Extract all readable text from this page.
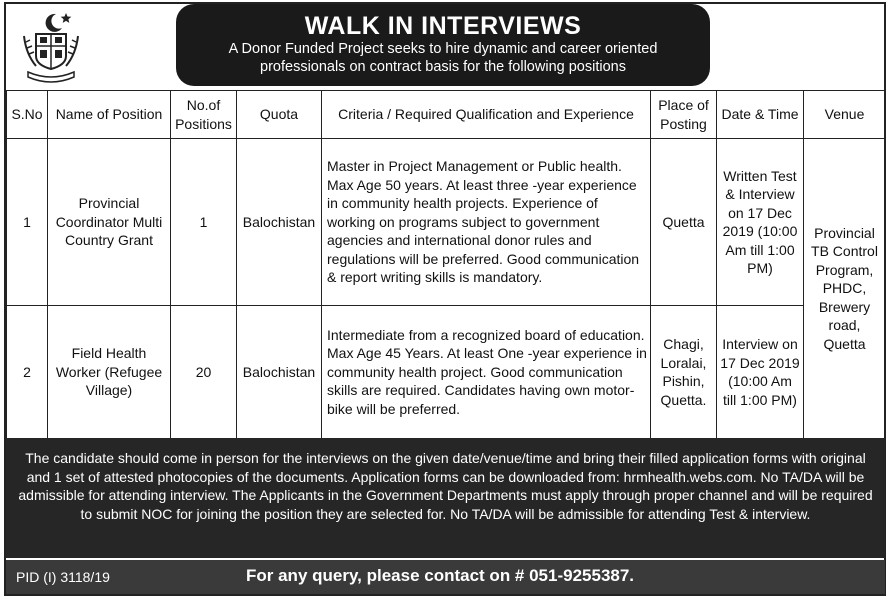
WALK IN INTERVIEWS
A Donor Funded Project seeks to hire dynamic and career oriented
professionals on contract basis for the following positions
S.No	Name of Position	No.of Positions	Quota	Criteria / Required Qualification and Experience	Place of Posting	Date & Time	Venue
1	Provincial Coordinator Multi Country Grant	1	Balochistan	Master in Project Management or Public health. Max Age 50 years. At least three -year experience in community health projects. Experience of working on programs subject to government agencies and international donor rules and regulations will be preferred. Good communication & report writing skills is mandatory.	Quetta	Written Test & Interview on 17 Dec 2019 (10:00 Am till 1:00 PM)	Provincial TB Control Program, PHDC, Brewery road, Quetta
2	Field Health Worker (Refugee Village)	20	Balochistan	Intermediate from a recognized board of education. Max Age 45 Years. At least One -year experience in community health project. Good communication skills are required. Candidates having own motor-bike will be preferred.	Chagi, Loralai, Pishin, Quetta.	Interview on 17 Dec 2019 (10:00 Am till 1:00 PM)	
The candidate should come in person for the interviews on the given date/venue/time and bring their filled application forms with original and 1 set of attested photocopies of the documents. Application forms can be downloaded from: hrmhealth.webs.com. No TA/DA will be admissible for attending interview. The Applicants in the Government Departments must apply through proper channel and will be required to submit NOC for joining the position they are selected for. No TA/DA will be admissible for attending Test & interview.
PID (I) 3118/19	For any query, please contact on # 051-9255387.
